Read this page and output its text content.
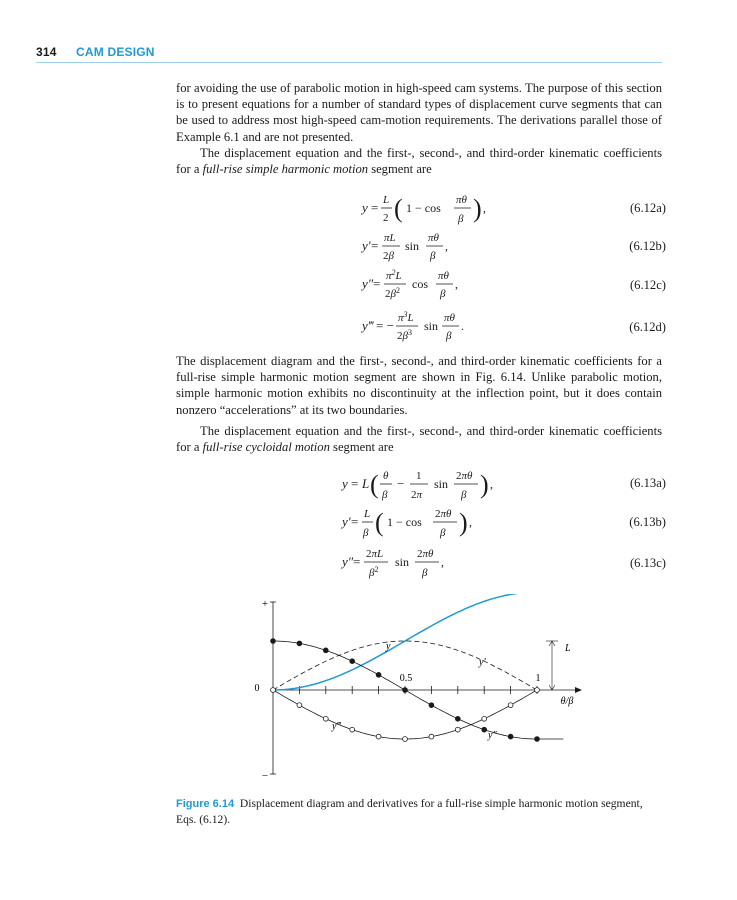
314 CAM DESIGN

for avoiding the use of parabolic motion in high-speed cam systems. The purpose of this section is to present equations for a number of standard types of displacement curve segments that can be used to address most high-speed cam-motion requirements. The derivations parallel those of Example 6.1 and are not presented.

The displacement equation and the first-, second-, and third-order kinematic coefficients for a full-rise simple harmonic motion segment are

y = L
2 ( 1 − cos
πθ
β ) ,	(6.12a)
y′ = πL
2β
sin
πθ
β
,	(6.12b)
$y'' = \pi^2L$
$2\beta^2$ cos
πθ
β
,	(6.12c)
y‴ = − $\pi^3L$
$2\beta^3$ sin
πθ
β
.	(6.12d)

The displacement diagram and the first-, second-, and third-order kinematic coefficients for a full-rise simple harmonic motion segment are shown in Fig. 6.14. Unlike parabolic motion, simple harmonic motion exhibits no discontinuity at the inflection point, but it does contain nonzero “accelerations” at its two boundaries.

The displacement equation and the first-, second-, and third-order kinematic coefficients for a full-rise cycloidal motion segment are

y = L ( θ
β
− 1
2π
sin
2πθ
β ) ,	(6.13a)
y′ = L
β ( 1 − cos
2πθ
β ) ,	(6.13b)
y″ = 2πL
$\beta^2$
sin
2πθ
β
,	(6.13c)
+
−
0
0.5	1
θ/β
L
y
y′
y″
y‴

Figure 6.14 Displacement diagram and derivatives for a full-rise simple harmonic motion segment, Eqs. (6.12).
